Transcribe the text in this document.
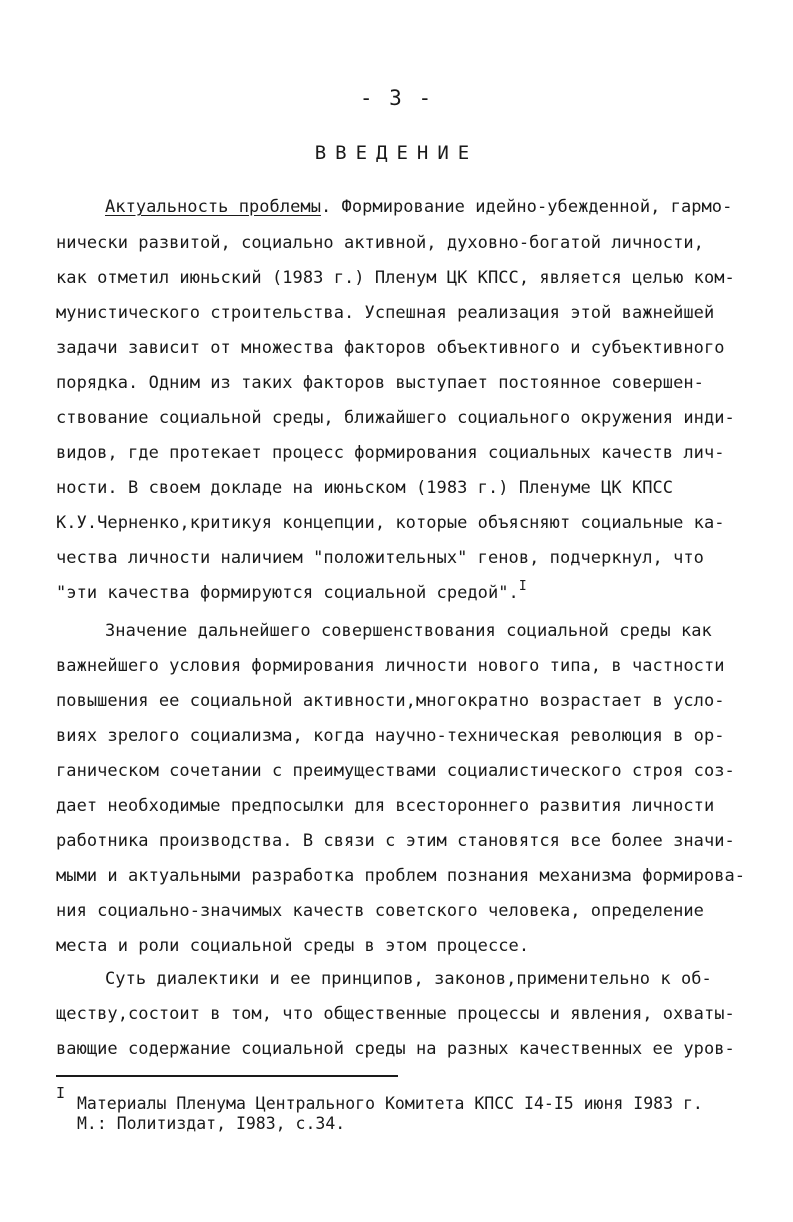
- 3 -
ВВЕДЕНИЕ
Актуальность проблемы. Формирование идейно-убежденной, гармо-
нически развитой, социально активной, духовно-богатой личности,
как отметил июньский (1983 г.) Пленум ЦК КПСС, является целью ком-
мунистического строительства. Успешная реализация этой важнейшей
задачи зависит от множества факторов объективного и субъективного
порядка. Одним из таких факторов выступает постоянное совершен-
ствование социальной среды, ближайшего социального окружения инди-
видов, где протекает процесс формирования социальных качеств лич-
ности. В своем докладе на июньском (1983 г.) Пленуме ЦК КПСС
К.У.Черненко,критикуя концепции, которые объясняют социальные ка-
чества личности наличием "положительных" генов, подчеркнул, что
"эти качества формируются социальной средой".$^I$
Значение дальнейшего совершенствования социальной среды как
важнейшего условия формирования личности нового типа, в частности
повышения ее социальной активности,многократно возрастает в усло-
виях зрелого социализма, когда научно-техническая революция в ор-
ганическом сочетании с преимуществами социалистического строя соз-
дает необходимые предпосылки для всестороннего развития личности
работника производства. В связи с этим становятся все более значи-
мыми и актуальными разработка проблем познания механизма формирова-
ния социально-значимых качеств советского человека, определение
места и роли социальной среды в этом процессе.
Суть диалектики и ее принципов, законов,применительно к об-
ществу,состоит в том, что общественные процессы и явления, охваты-
вающие содержание социальной среды на разных качественных ее уров-
I
Материалы Пленума Центрального Комитета КПСС I4-I5 июня I983 г.
М.: Политиздат, I983, с.34.
